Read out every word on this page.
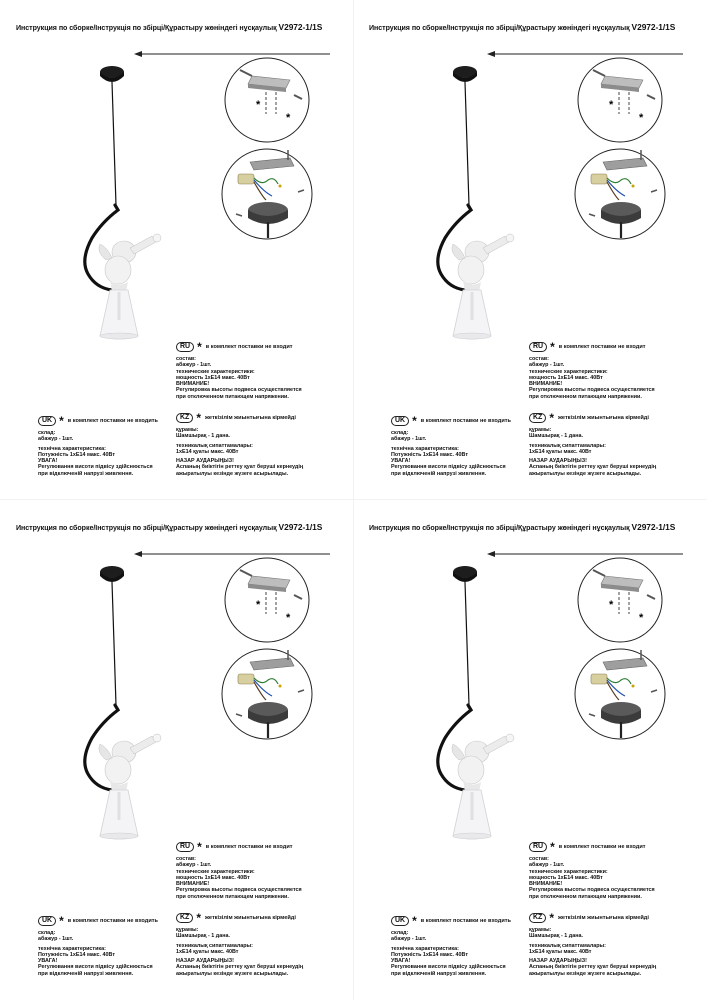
Инструкция по сборке/Інструкція по збірці/Құрастыру жөніндегі нұсқаулық V2972-1/1S
*
*
RU * в комплект поставки не входит
состав:
абажур - 1шт.
технические характеристики:
мощность 1хЕ14 макс. 40Вт
ВНИМАНИЕ!
Регулировка высоты подвеса осуществляется
при отключенном питающем напряжении.
UK * в комплект поставки не входить
склад:
абажур - 1шт.
технічна характеристика:
Потужність 1хЕ14 макс. 40Вт
УВАГА!
Регулювання висоти підвісу здійснюється
при відключеній напрузі живлення.
KZ * жеткізілім жиынтығына кірмейді
құрамы:
Шамшырақ - 1 дана.
техникалық сипаттамалары:
1хЕ14 қуаты макс. 40Вт
НАЗАР АУДАРЫҢЫЗ!
Аспаның биіктігін реттеу қуат беруші кернеудің
ажыратылуы кезінде жүзеге асырылады.
Инструкция по сборке/Інструкція по збірці/Құрастыру жөніндегі нұсқаулық V2972-1/1S
*
*
RU * в комплект поставки не входит
состав:
абажур - 1шт.
технические характеристики:
мощность 1хЕ14 макс. 40Вт
ВНИМАНИЕ!
Регулировка высоты подвеса осуществляется
при отключенном питающем напряжении.
UK * в комплект поставки не входить
склад:
абажур - 1шт.
технічна характеристика:
Потужність 1хЕ14 макс. 40Вт
УВАГА!
Регулювання висоти підвісу здійснюється
при відключеній напрузі живлення.
KZ * жеткізілім жиынтығына кірмейді
құрамы:
Шамшырақ - 1 дана.
техникалық сипаттамалары:
1хЕ14 қуаты макс. 40Вт
НАЗАР АУДАРЫҢЫЗ!
Аспаның биіктігін реттеу қуат беруші кернеудің
ажыратылуы кезінде жүзеге асырылады.
Инструкция по сборке/Інструкція по збірці/Құрастыру жөніндегі нұсқаулық V2972-1/1S
*
*
RU * в комплект поставки не входит
состав:
абажур - 1шт.
технические характеристики:
мощность 1хЕ14 макс. 40Вт
ВНИМАНИЕ!
Регулировка высоты подвеса осуществляется
при отключенном питающем напряжении.
UK * в комплект поставки не входить
склад:
абажур - 1шт.
технічна характеристика:
Потужність 1хЕ14 макс. 40Вт
УВАГА!
Регулювання висоти підвісу здійснюється
при відключеній напрузі живлення.
KZ * жеткізілім жиынтығына кірмейді
құрамы:
Шамшырақ - 1 дана.
техникалық сипаттамалары:
1хЕ14 қуаты макс. 40Вт
НАЗАР АУДАРЫҢЫЗ!
Аспаның биіктігін реттеу қуат беруші кернеудің
ажыратылуы кезінде жүзеге асырылады.
Инструкция по сборке/Інструкція по збірці/Құрастыру жөніндегі нұсқаулық V2972-1/1S
*
*
RU * в комплект поставки не входит
состав:
абажур - 1шт.
технические характеристики:
мощность 1хЕ14 макс. 40Вт
ВНИМАНИЕ!
Регулировка высоты подвеса осуществляется
при отключенном питающем напряжении.
UK * в комплект поставки не входить
склад:
абажур - 1шт.
технічна характеристика:
Потужність 1хЕ14 макс. 40Вт
УВАГА!
Регулювання висоти підвісу здійснюється
при відключеній напрузі живлення.
KZ * жеткізілім жиынтығына кірмейді
құрамы:
Шамшырақ - 1 дана.
техникалық сипаттамалары:
1хЕ14 қуаты макс. 40Вт
НАЗАР АУДАРЫҢЫЗ!
Аспаның биіктігін реттеу қуат беруші кернеудің
ажыратылуы кезінде жүзеге асырылады.
